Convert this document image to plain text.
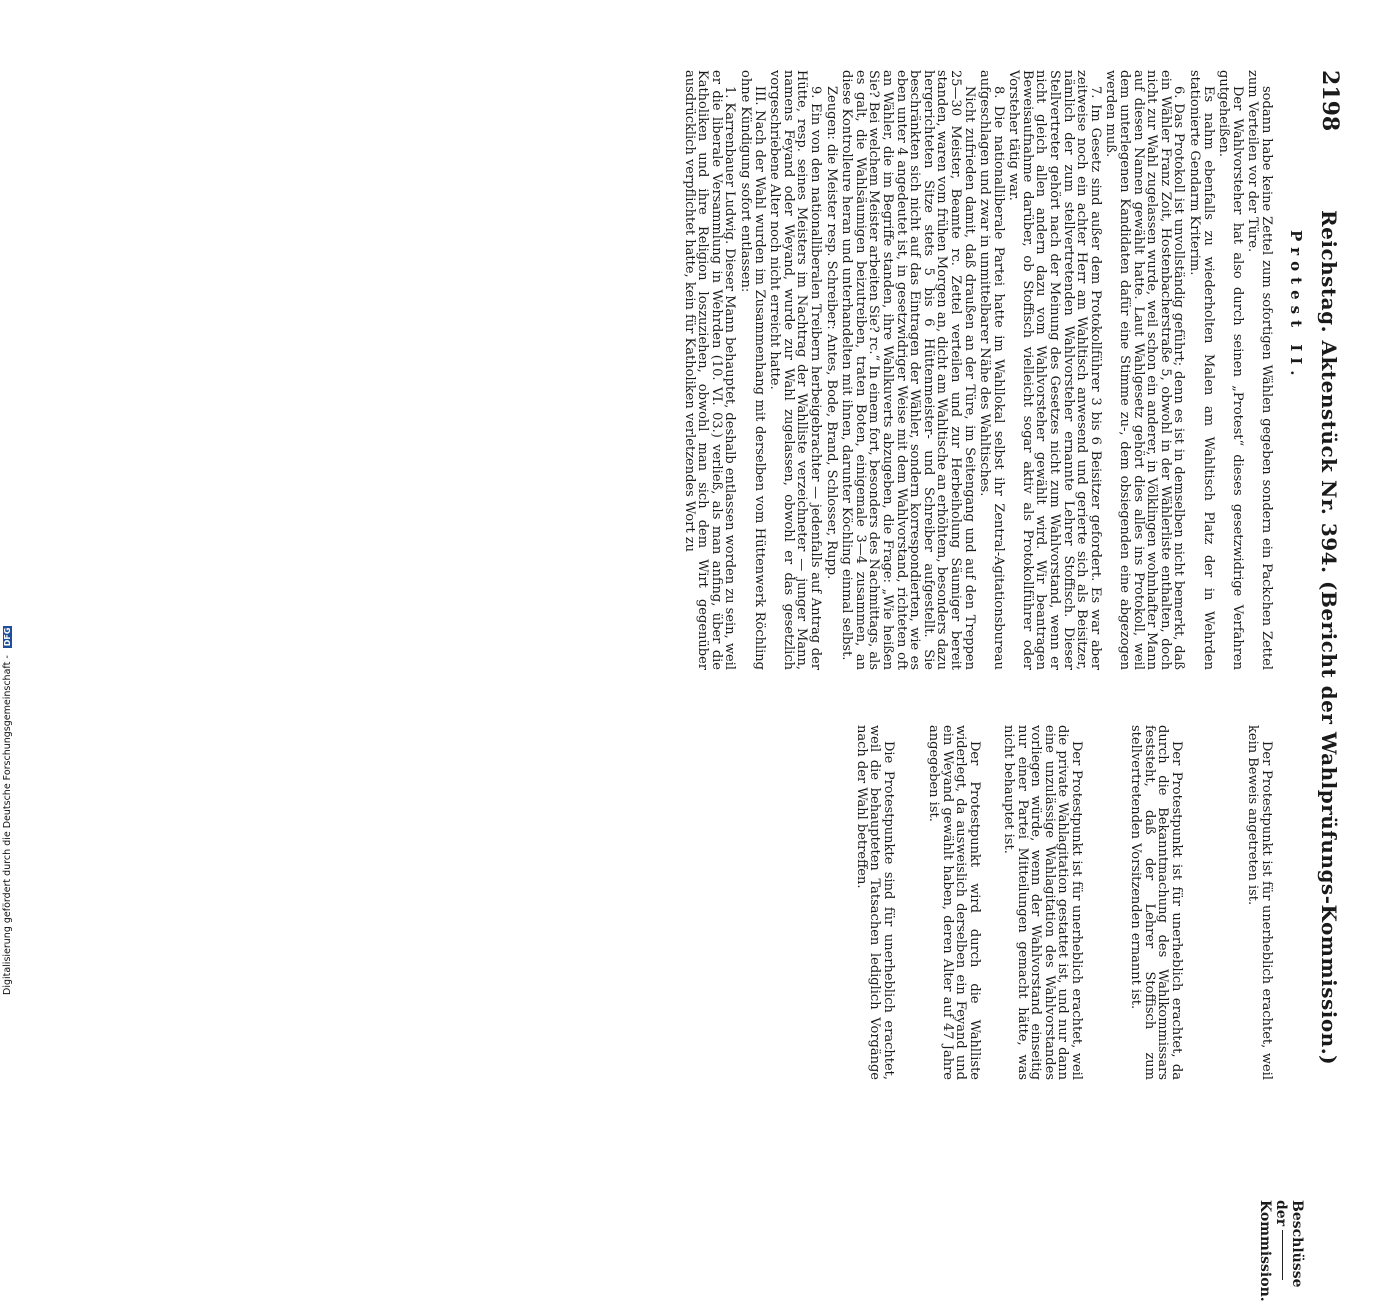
2198
Reichstag. Aktenstück Nr. 394. (Bericht der Wahlprüfungs-Kommission.)
Protest II.
Beschlüsse der Kommission.

sodann habe keine Zettel zum sofortigen Wählen gegeben sondern ein Packchen Zettel zum Verteilen vor der Türe.

Der Wahlvorsteher hat also durch seinen „Protest“ dieses gesetzwidrige Verfahren gutgeheißen.

Es nahm ebenfalls zu wiederholten Malen am Wahltisch Platz der in Wehrden stationierte Gendarm Kriterim.

6. Das Protokoll ist unvollständig geführt; denn es ist in demselben nicht bemerkt, daß ein Wähler Franz Zoit, Hostenbacherstraße 5, obwohl in der Wählerliste enthalten, doch nicht zur Wahl zugelassen wurde, weil schon ein anderer, in Völklingen wohnhafter Mann auf diesen Namen gewählt hatte. Laut Wahlgesetz gehört dies alles ins Protokoll, weil dem unterlegenen Kandidaten dafür eine Stimme zu-, dem obsiegenden eine abgezogen werden muß.

7. Im Gesetz sind außer dem Protokollführer 3 bis 6 Beisitzer gefordert. Es war aber zeitweise noch ein achter Herr am Wahltisch anwesend und gerierte sich als Beisitzer, nämlich der zum stellvertretenden Wahlvorsteher ernannte Lehrer Stoffisch. Dieser Stellvertreter gehört nach der Meinung des Gesetzes nicht zum Wahlvorstand, wenn er nicht gleich allen andern dazu vom Wahlvorsteher gewählt wird. Wir beantragen Beweisaufnahme darüber, ob Stoffisch vielleicht sogar aktiv als Protokollführer oder Vorsteher tätig war.

8. Die nationalliberale Partei hatte im Wahllokal selbst ihr Zentral-Agitationsbureau aufgeschlagen und zwar in unmittelbarer Nähe des Wahltisches.

Nicht zufrieden damit, daß draußen an der Türe, im Seitengang und auf den Treppen 25—30 Meister, Beamte rc. Zettel verteilen und zur Herbeiholung Säumiger bereit standen, waren vom frühen Morgen an, dicht am Wahltische an erhöhtem, besonders dazu hergerichteten Sitze stets 5 bis 6 Hüttenmeister- und Schreiber aufgestellt. Sie beschränkten sich nicht auf das Eintragen der Wähler, sondern korrespondierten, wie es eben unter 4 angedeutet ist, in gesetzwidriger Weise mit dem Wahlvorstand, richteten oft an Wähler, die im Begriffe standen, ihre Wahlkuverts abzugeben, die Frage: „Wie heißen Sie? Bei welchem Meister arbeiten Sie? rc.“ In einem fort, besonders des Nachmittags, als es galt, die Wahlsäumigen beizutreiben, traten Boten, einigemale 3—4 zusammen, an diese Kontrolleure heran und unterhandelten mit ihnen, darunter Köchling einmal selbst.

Zeugen: die Meister resp. Schreiber: Antes, Bode, Brand, Schlosser, Rupp.

9. Ein von den nationalliberalen Treibern herbeigebrachter — jedenfalls auf Antrag der Hütte, resp. seines Meisters im Nachtrag der Wahlliste verzeichneter — junger Mann, namens Feyand oder Weyand, wurde zur Wahl zugelassen, obwohl er das gesetzlich vorgeschriebene Alter noch nicht erreicht hatte.

III. Nach der Wahl wurden im Zusammenhang mit derselben vom Hüttenwerk Röchling ohne Kündigung sofort entlassen:

1. Karrenbauer Ludwig. Dieser Mann behauptet, deshalb entlassen worden zu sein, weil er die liberale Versammlung in Wehrden (10. VI. 03.) verließ, als man anfing, über die Katholiken und ihre Religion loszuziehen, obwohl man sich dem Wirt gegenüber ausdrücklich verpflichtet hatte, kein für Katholiken verletzendes Wort zu

Der Protestpunkt ist für unerheblich erachtet, weil kein Beweis angetreten ist.

Der Protestpunkt ist für unerheblich erachtet, da durch die Bekanntmachung des Wahlkommissars feststeht, daß der Lehrer Stoffisch zum stellvertretenden Vorsitzenden ernannt ist.

Der Protestpunkt ist für unerheblich erachtet, weil die private Wahlagitation gestattet ist, und nur dann eine unzulässige Wahlagitation des Wahlvorstandes vorliegen würde, wenn der Wahlvorstand einseitig nur einer Partei Mitteilungen gemacht hätte, was nicht behauptet ist.

Der Protestpunkt wird durch die Wahlliste widerlegt, da ausweislich derselben ein Feyand und ein Weyand gewählt haben, deren Alter auf 47 Jahre angegeben ist.

Die Protestpunkte sind für unerheblich erachtet, weil die behaupteten Tatsachen lediglich Vorgänge nach der Wahl betreffen.

Digitalisierung gefördert durch die Deutsche Forschungsgemeinschaft - DFG
